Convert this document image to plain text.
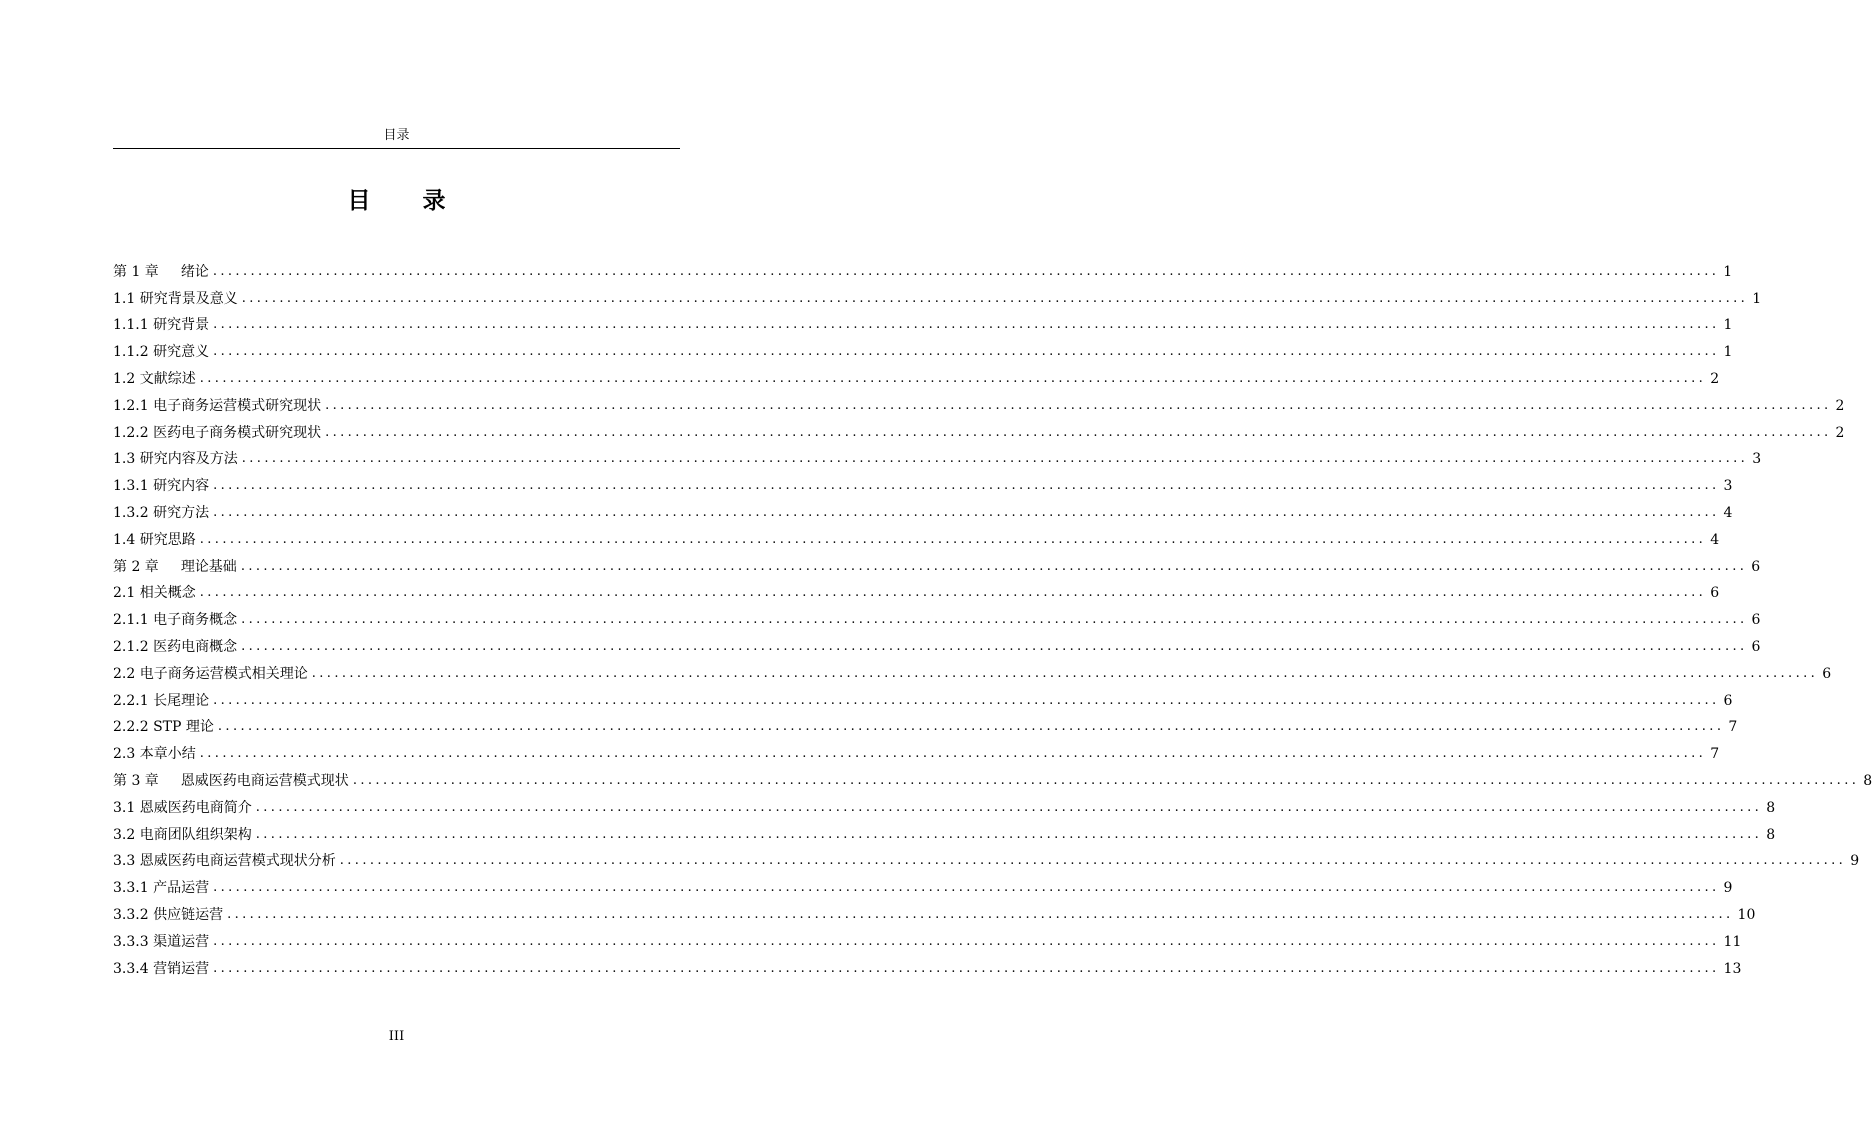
目录
目 录
第 1 章 绪论 ........................................................................................................................................................................................................ 1
1.1 研究背景及意义 ........................................................................................................................................................................................................ 1
1.1.1 研究背景 ........................................................................................................................................................................................................ 1
1.1.2 研究意义 ........................................................................................................................................................................................................ 1
1.2 文献综述 ........................................................................................................................................................................................................ 2
1.2.1 电子商务运营模式研究现状 ........................................................................................................................................................................................................ 2
1.2.2 医药电子商务模式研究现状 ........................................................................................................................................................................................................ 2
1.3 研究内容及方法 ........................................................................................................................................................................................................ 3
1.3.1 研究内容 ........................................................................................................................................................................................................ 3
1.3.2 研究方法 ........................................................................................................................................................................................................ 4
1.4 研究思路 ........................................................................................................................................................................................................ 4
第 2 章 理论基础 ........................................................................................................................................................................................................ 6
2.1 相关概念 ........................................................................................................................................................................................................ 6
2.1.1 电子商务概念 ........................................................................................................................................................................................................ 6
2.1.2 医药电商概念 ........................................................................................................................................................................................................ 6
2.2 电子商务运营模式相关理论 ........................................................................................................................................................................................................ 6
2.2.1 长尾理论 ........................................................................................................................................................................................................ 6
2.2.2 STP 理论 ........................................................................................................................................................................................................ 7
2.3 本章小结 ........................................................................................................................................................................................................ 7
第 3 章 恩威医药电商运营模式现状 ........................................................................................................................................................................................................ 8
3.1 恩威医药电商简介 ........................................................................................................................................................................................................ 8
3.2 电商团队组织架构 ........................................................................................................................................................................................................ 8
3.3 恩威医药电商运营模式现状分析 ........................................................................................................................................................................................................ 9
3.3.1 产品运营 ........................................................................................................................................................................................................ 9
3.3.2 供应链运营 ........................................................................................................................................................................................................ 10
3.3.3 渠道运营 ........................................................................................................................................................................................................ 11
3.3.4 营销运营 ........................................................................................................................................................................................................ 13
III
